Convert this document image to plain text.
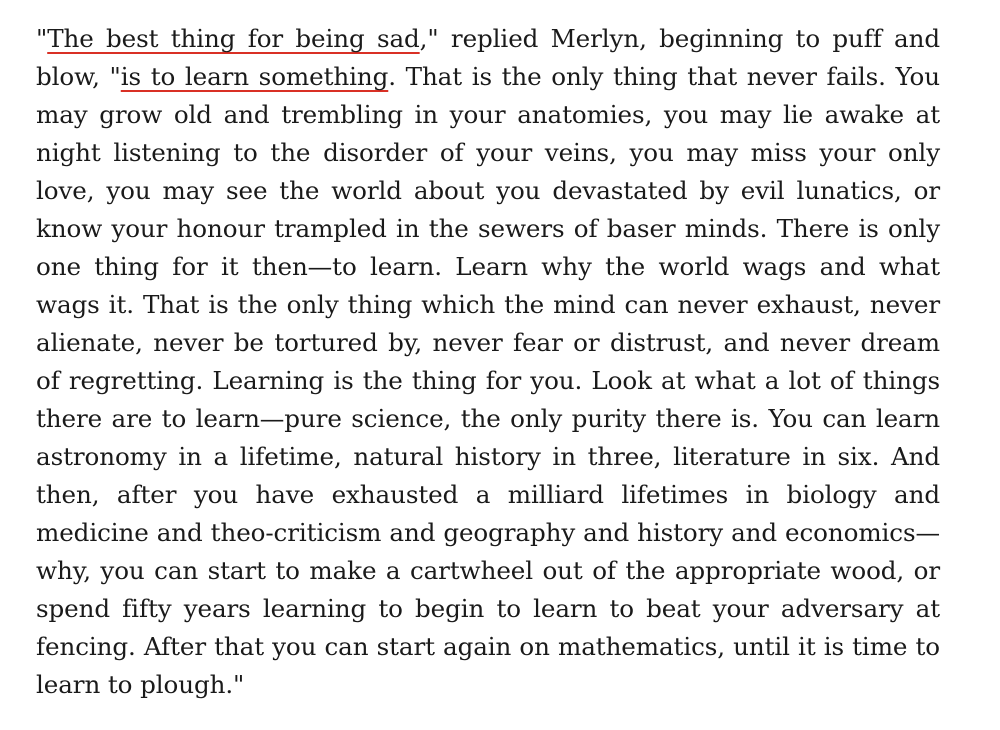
"The best thing for being sad," replied Merlyn, beginning to puff and blow, "is to learn something. That is the only thing that never fails. You may grow old and trembling in your anatomies, you may lie awake at night listening to the disorder of your veins, you may miss your only love, you may see the world about you devastated by evil lunatics, or know your honour trampled in the sewers of baser minds. There is only one thing for it then—to learn. Learn why the world wags and what wags it. That is the only thing which the mind can never exhaust, never alienate, never be tortured by, never fear or distrust, and never dream of regretting. Learning is the thing for you. Look at what a lot of things there are to learn—pure science, the only purity there is. You can learn astronomy in a lifetime, natural history in three, literature in six. And then, after you have exhausted a milliard lifetimes in biology and medicine and theo-criticism and geography and history and economics—why, you can start to make a cartwheel out of the appropriate wood, or spend fifty years learning to begin to learn to beat your adversary at fencing. After that you can start again on mathematics, until it is time to learn to plough."
